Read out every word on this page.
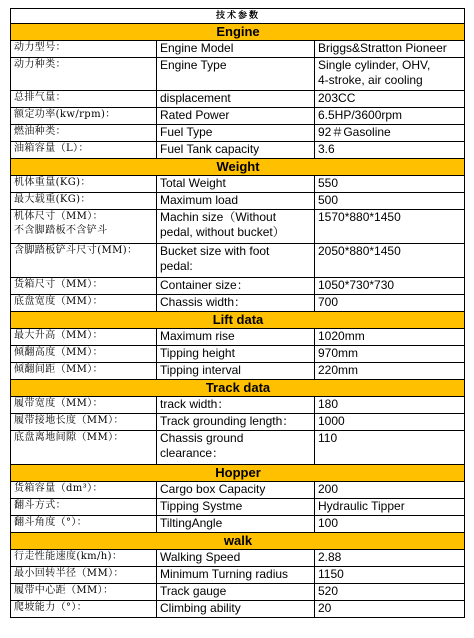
技术参数		
Engine		
动力型号：	Engine Model	Briggs&Stratton Pioneer
动力种类：	Engine Type	Single cylinder, OHV,
4-stroke, air cooling
总排气量：	displacement	203CC
额定功率(kw/rpm)：	Rated Power	6.5HP/3600rpm
燃油种类：	Fuel Type	92＃Gasoline
油箱容量（L）：	Fuel Tank capacity	3.6
Weight		
机体重量(KG)：	Total Weight	550
最大载重(KG)：	Maximum load	500
机体尺寸（MM）：
不含脚踏板不含铲斗	Machin size（Without
pedal, without bucket）	1570*880*1450
含脚踏板铲斗尺寸(MM)：	Bucket size with foot
pedal:	2050*880*1450
货箱尺寸（MM）：	Container size：	1050*730*730
底盘宽度（MM）：	Chassis width：	700
Lift data		
最大升高（MM）：	Maximum rise	1020mm
倾翻高度（MM）：	Tipping height	970mm
倾翻间距（MM）：	Tipping interval	220mm
Track data		
履带宽度（MM）：	track width：	180
履带接地长度（MM）：	Track grounding length：	1000
底盘离地间隙（MM）：	Chassis ground
clearance：	110
Hopper		
货箱容量（dm³）：	Cargo box Capacity	200
翻斗方式：	Tipping Systme	Hydraulic Tipper
翻斗角度（°）：	TiltingAngle	100
walk		
行走性能速度(km/h)：	Walking Speed	2.88
最小回转半径（MM）：	Minimum Turning radius	1150
履带中心距（MM）：	Track gauge	520
爬坡能力（°）：	Climbing ability	20
